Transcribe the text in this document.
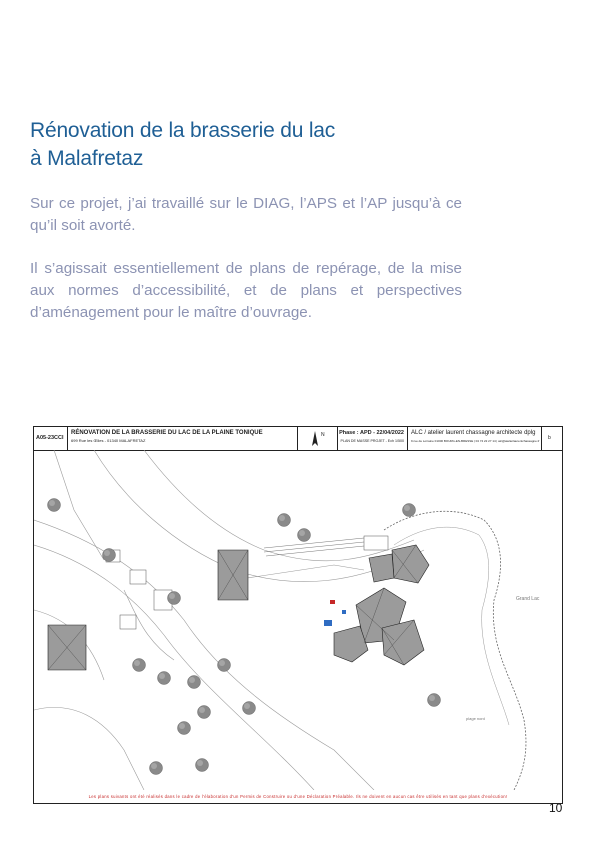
Rénovation de la brasserie du lac
à Malafretaz
Sur ce projet, j’ai travaillé sur le DIAG, l’APS et l’AP jusqu’à ce qu’il soit avorté.
Il s’agissait essentiellement de plans de repérage, de la mise aux normes d’accessibilité, et de plans et perspectives d’aménagement pour le maître d’ouvrage.
A05-23CCI
RÉNOVATION DE LA BRASSERIE DU LAC DE LA PLAINE TONIQUE
699 Rue les Œiles - 01340 MALAFRETAZ
N	Phase : APD - 22/04/2022
PLAN DE MASSE PROJET - Ech 1/500
ALC / atelier laurent chassagne architecte dplg
9 rue de Lorraine 01000 BOURG-EN-BRESSE | 04 74 22 27 14 | alc@atelierlaurentchassagne.fr	b
Grand Lac
plage nord
Les plans suivants ont été réalisés dans le cadre de l'élaboration d'un Permis de Construire ou d'une Déclaration Préalable. Ils ne doivent en aucun cas être utilisés en tant que plans d'exécution!
10
